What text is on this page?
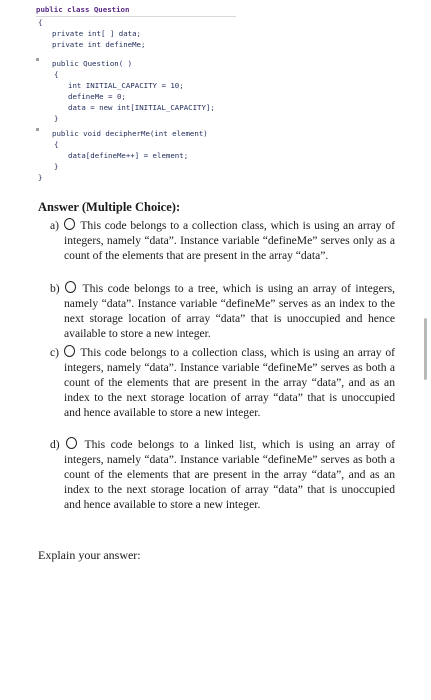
public class Question
{
private int[ ] data;
private int defineMe;
public Question( )
{
int INITIAL_CAPACITY = 10;
defineMe = 0;
data = new int[INITIAL_CAPACITY];
}
public void decipherMe(int element)
{
data[defineMe++] = element;
}
}
Answer (Multiple Choice):
a) This code belongs to a collection class, which is using an array of integers, namely “data”. Instance variable “defineMe” serves only as a count of the elements that are present in the array “data”.
b) This code belongs to a tree, which is using an array of integers, namely “data”. Instance variable “defineMe” serves as an index to the next storage location of array “data” that is unoccupied and hence available to store a new integer.
c) This code belongs to a collection class, which is using an array of integers, namely “data”. Instance variable “defineMe” serves as both a count of the elements that are present in the array “data”, and as an index to the next storage location of array “data” that is unoccupied and hence available to store a new integer.
d) This code belongs to a linked list, which is using an array of integers, namely “data”. Instance variable “defineMe” serves as both a count of the elements that are present in the array “data”, and as an index to the next storage location of array “data” that is unoccupied and hence available to store a new integer.
Explain your answer:
